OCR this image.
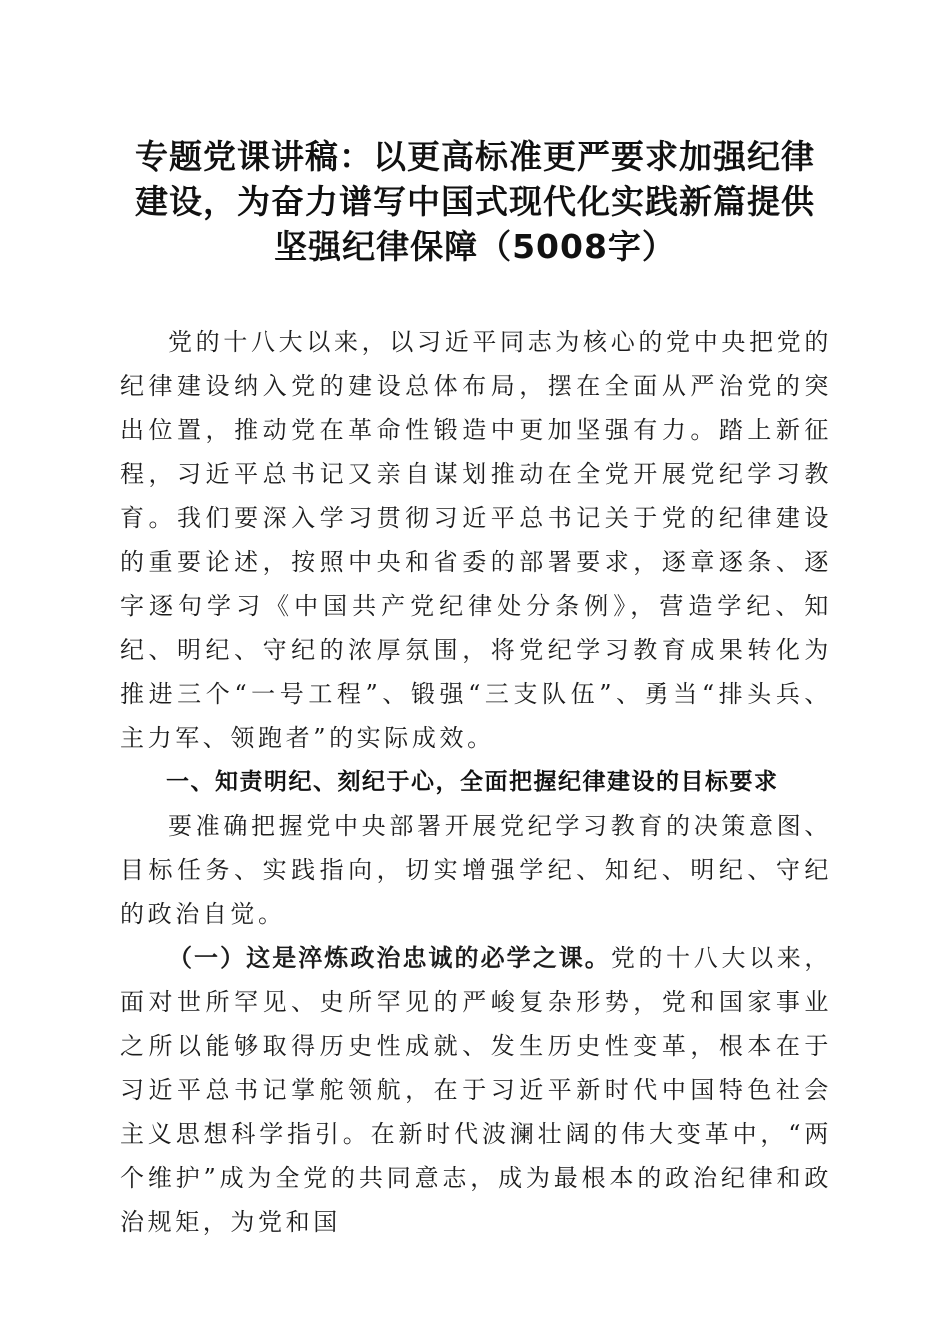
专题党课讲稿：以更高标准更严要求加强纪律
建设，为奋力谱写中国式现代化实践新篇提供
坚强纪律保障（5008字）

党的十八大以来，以习近平同志为核心的党中央把党的纪律建设纳入党的建设总体布局，摆在全面从严治党的突出位置，推动党在革命性锻造中更加坚强有力。踏上新征程，习近平总书记又亲自谋划推动在全党开展党纪学习教育。我们要深入学习贯彻习近平总书记关于党的纪律建设的重要论述，按照中央和省委的部署要求，逐章逐条、逐字逐句学习《中国共产党纪律处分条例》，营造学纪、知纪、明纪、守纪的浓厚氛围，将党纪学习教育成果转化为推进三个“一号工程”、锻强“三支队伍”、勇当“排头兵、主力军、领跑者”的实际成效。

一、知责明纪、刻纪于心，全面把握纪律建设的目标要求

要准确把握党中央部署开展党纪学习教育的决策意图、目标任务、实践指向，切实增强学纪、知纪、明纪、守纪的政治自觉。

（一）这是淬炼政治忠诚的必学之课。党的十八大以来，面对世所罕见、史所罕见的严峻复杂形势，党和国家事业之所以能够取得历史性成就、发生历史性变革，根本在于习近平总书记掌舵领航，在于习近平新时代中国特色社会主义思想科学指引。在新时代波澜壮阔的伟大变革中，“两个维护”成为全党的共同意志，成为最根本的政治纪律和政治规矩，为党和国
